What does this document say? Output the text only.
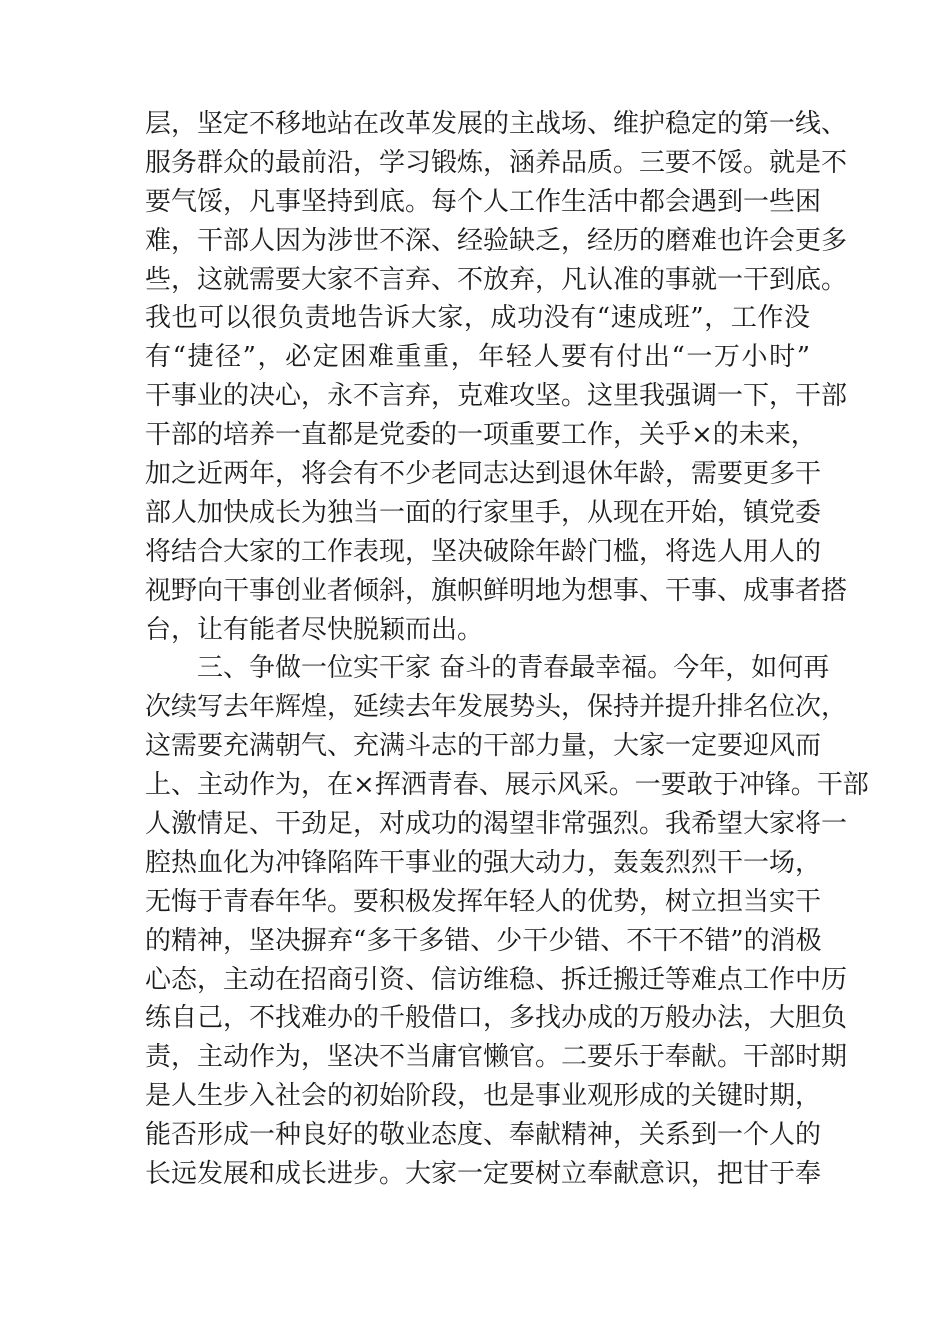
层，坚定不移地站在改革发展的主战场、维护稳定的第一线、
服务群众的最前沿，学习锻炼，涵养品质。三要不馁。就是不
要气馁，凡事坚持到底。每个人工作生活中都会遇到一些困
难，干部人因为涉世不深、经验缺乏，经历的磨难也许会更多
些，这就需要大家不言弃、不放弃，凡认准的事就一干到底。
我也可以很负责地告诉大家，成功没有“速成班”，工作没
有“捷径”，必定困难重重，年轻人要有付出“一万小时”
干事业的决心，永不言弃，克难攻坚。这里我强调一下，干部
干部的培养一直都是党委的一项重要工作，关乎×的未来，
加之近两年，将会有不少老同志达到退休年龄，需要更多干
部人加快成长为独当一面的行家里手，从现在开始，镇党委
将结合大家的工作表现，坚决破除年龄门槛，将选人用人的
视野向干事创业者倾斜，旗帜鲜明地为想事、干事、成事者搭
台，让有能者尽快脱颖而出。
三、争做一位实干家 奋斗的青春最幸福。今年，如何再
次续写去年辉煌，延续去年发展势头，保持并提升排名位次，
这需要充满朝气、充满斗志的干部力量，大家一定要迎风而
上、主动作为，在×挥洒青春、展示风采。一要敢于冲锋。干部
人激情足、干劲足，对成功的渴望非常强烈。我希望大家将一
腔热血化为冲锋陷阵干事业的强大动力，轰轰烈烈干一场，
无悔于青春年华。要积极发挥年轻人的优势，树立担当实干
的精神，坚决摒弃“多干多错、少干少错、不干不错”的消极
心态，主动在招商引资、信访维稳、拆迁搬迁等难点工作中历
练自己，不找难办的千般借口，多找办成的万般办法，大胆负
责，主动作为，坚决不当庸官懒官。二要乐于奉献。干部时期
是人生步入社会的初始阶段，也是事业观形成的关键时期，
能否形成一种良好的敬业态度、奉献精神，关系到一个人的
长远发展和成长进步。大家一定要树立奉献意识，把甘于奉
